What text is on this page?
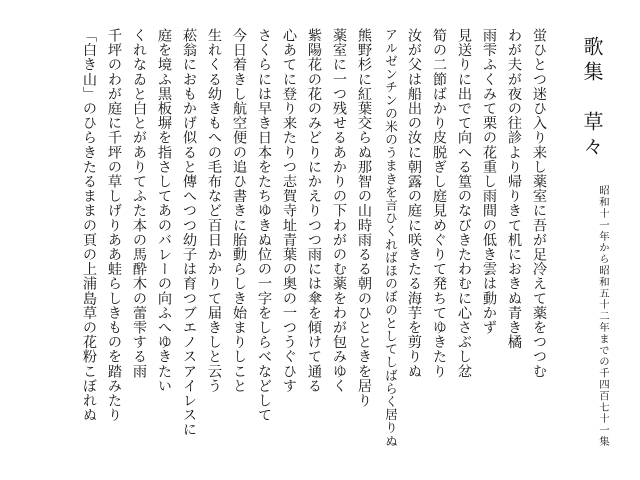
歌集　草々
昭和十一年から昭和五十二年までの千四百七十一集
蛍ひとつ迷ひ入り来し薬室に吾が足冷えて薬をつつむ
わが夫が夜の往診より帰りきて机におきぬ青き橘
雨雫ふくみて栗の花重し雨間の低き雲は動かず
見送りに出でて向へる篁のなびきたわむに心さぶし忿
筍の二節ばかり皮脱ぎし庭見めぐりて発ちてゆきたり
汝が父は船出の汝に朝露の庭に咲きたる海芋を剪りぬ
アルゼンチンの米のうまきを言ひくればほのぼのとしてしばらく居りぬ
熊野杉に紅葉交らぬ那智の山時雨るる朝のひとときを居り
薬室に一つ残せるあかりの下わがのむ薬をわが包みゆく
紫陽花の花のみどりにかえりつつ雨には傘を傾けて通る
心あてに登り来たりつ志賀寺址青葉の奥の一つうぐひす
さくらには早き日本をたちゆきぬ位の一字をしらべなどして
今日着きし航空便の追ひ書きに胎動らしき始まりしこと
生れくる幼きもへの毛布など百日かかりて届きしと云う
菘翁におもかげ似ると傳へつつ幼子は育つブエノスアイレスに
庭を境ふ黒板塀を指さしてあのバレーの向ふへゆきたい
くれなゐと白とがありてふた本の馬酔木の蕾雫する雨
千坪のわが庭に千坪の草しげりああ蛙らしきものを踏みたり
「白き山」のひらきたるままの頁の上浦島草の花粉こぼれぬ
